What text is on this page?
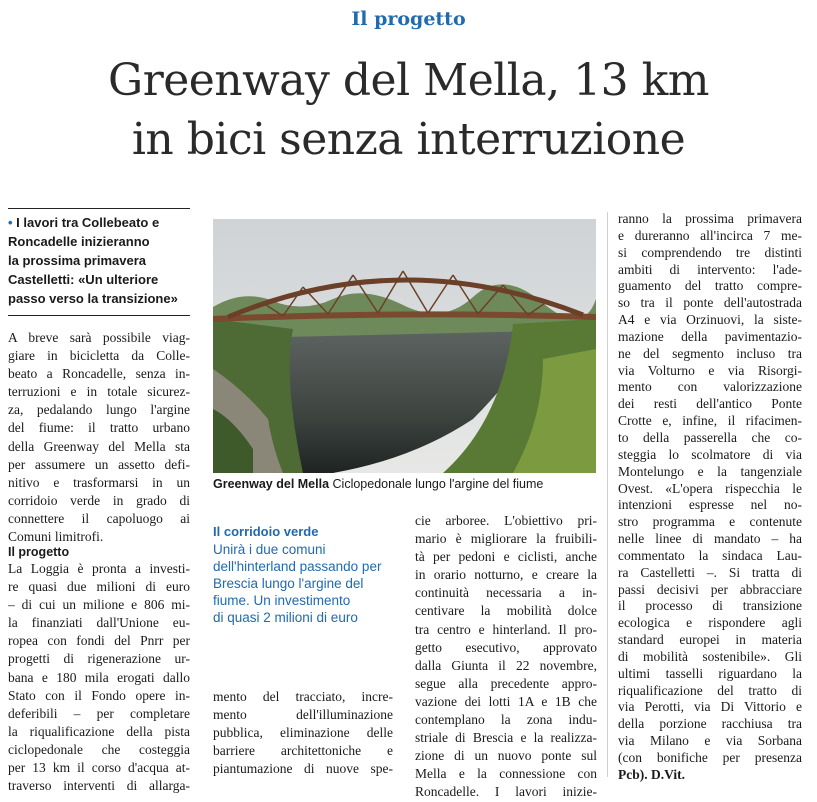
Il progetto
Greenway del Mella, 13 km
in bici senza interruzione
• I lavori tra Collebeato e
Roncadelle inizieranno
la prossima primavera
Castelletti: «Un ulteriore
passo verso la transizione»
A breve sarà possibile viag-
giare in bicicletta da Colle-
beato a Roncadelle, senza in-
terruzioni e in totale sicurez-
za, pedalando lungo l'argine
del fiume: il tratto urbano
della Greenway del Mella sta
per assumere un assetto defi-
nitivo e trasformarsi in un
corridoio verde in grado di
connettere il capoluogo ai
Comuni limitrofi.
Il progetto
La Loggia è pronta a investi-
re quasi due milioni di euro
– di cui un milione e 806 mi-
la finanziati dall'Unione eu-
ropea con fondi del Pnrr per
progetti di rigenerazione ur-
bana e 180 mila erogati dallo
Stato con il Fondo opere in-
deferibili – per completare
la riqualificazione della pista
ciclopedonale che costeggia
per 13 km il corso d'acqua at-
traverso interventi di allarga-
Greenway del Mella Ciclopedonale lungo l'argine del fiume
Il corridoio verde
Unirà i due comuni
dell'hinterland passando per
Brescia lungo l'argine del
fiume. Un investimento
di quasi 2 milioni di euro
mento del tracciato, incre-
mento dell'illuminazione
pubblica, eliminazione delle
barriere architettoniche e
piantumazione di nuove spe-
cie arboree. L'obiettivo pri-
mario è migliorare la fruibili-
tà per pedoni e ciclisti, anche
in orario notturno, e creare la
continuità necessaria a in-
centivare la mobilità dolce
tra centro e hinterland. Il pro-
getto esecutivo, approvato
dalla Giunta il 22 novembre,
segue alla precedente appro-
vazione dei lotti 1A e 1B che
contemplano la zona indu-
striale di Brescia e la realizza-
zione di un nuovo ponte sul
Mella e la connessione con
Roncadelle. I lavori inizie-
ranno la prossima primavera
e dureranno all'incirca 7 me-
si comprendendo tre distinti
ambiti di intervento: l'ade-
guamento del tratto compre-
so tra il ponte dell'autostrada
A4 e via Orzinuovi, la siste-
mazione della pavimentazio-
ne del segmento incluso tra
via Volturno e via Risorgi-
mento con valorizzazione
dei resti dell'antico Ponte
Crotte e, infine, il rifacimen-
to della passerella che co-
steggia lo scolmatore di via
Montelungo e la tangenziale
Ovest. «L'opera rispecchia le
intenzioni espresse nel no-
stro programma e contenute
nelle linee di mandato – ha
commentato la sindaca Lau-
ra Castelletti –. Si tratta di
passi decisivi per abbracciare
il processo di transizione
ecologica e rispondere agli
standard europei in materia
di mobilità sostenibile». Gli
ultimi tasselli riguardano la
riqualificazione del tratto di
via Perotti, via Di Vittorio e
della porzione racchiusa tra
via Milano e via Sorbana
(con bonifiche per presenza
Pcb). D.Vit.
